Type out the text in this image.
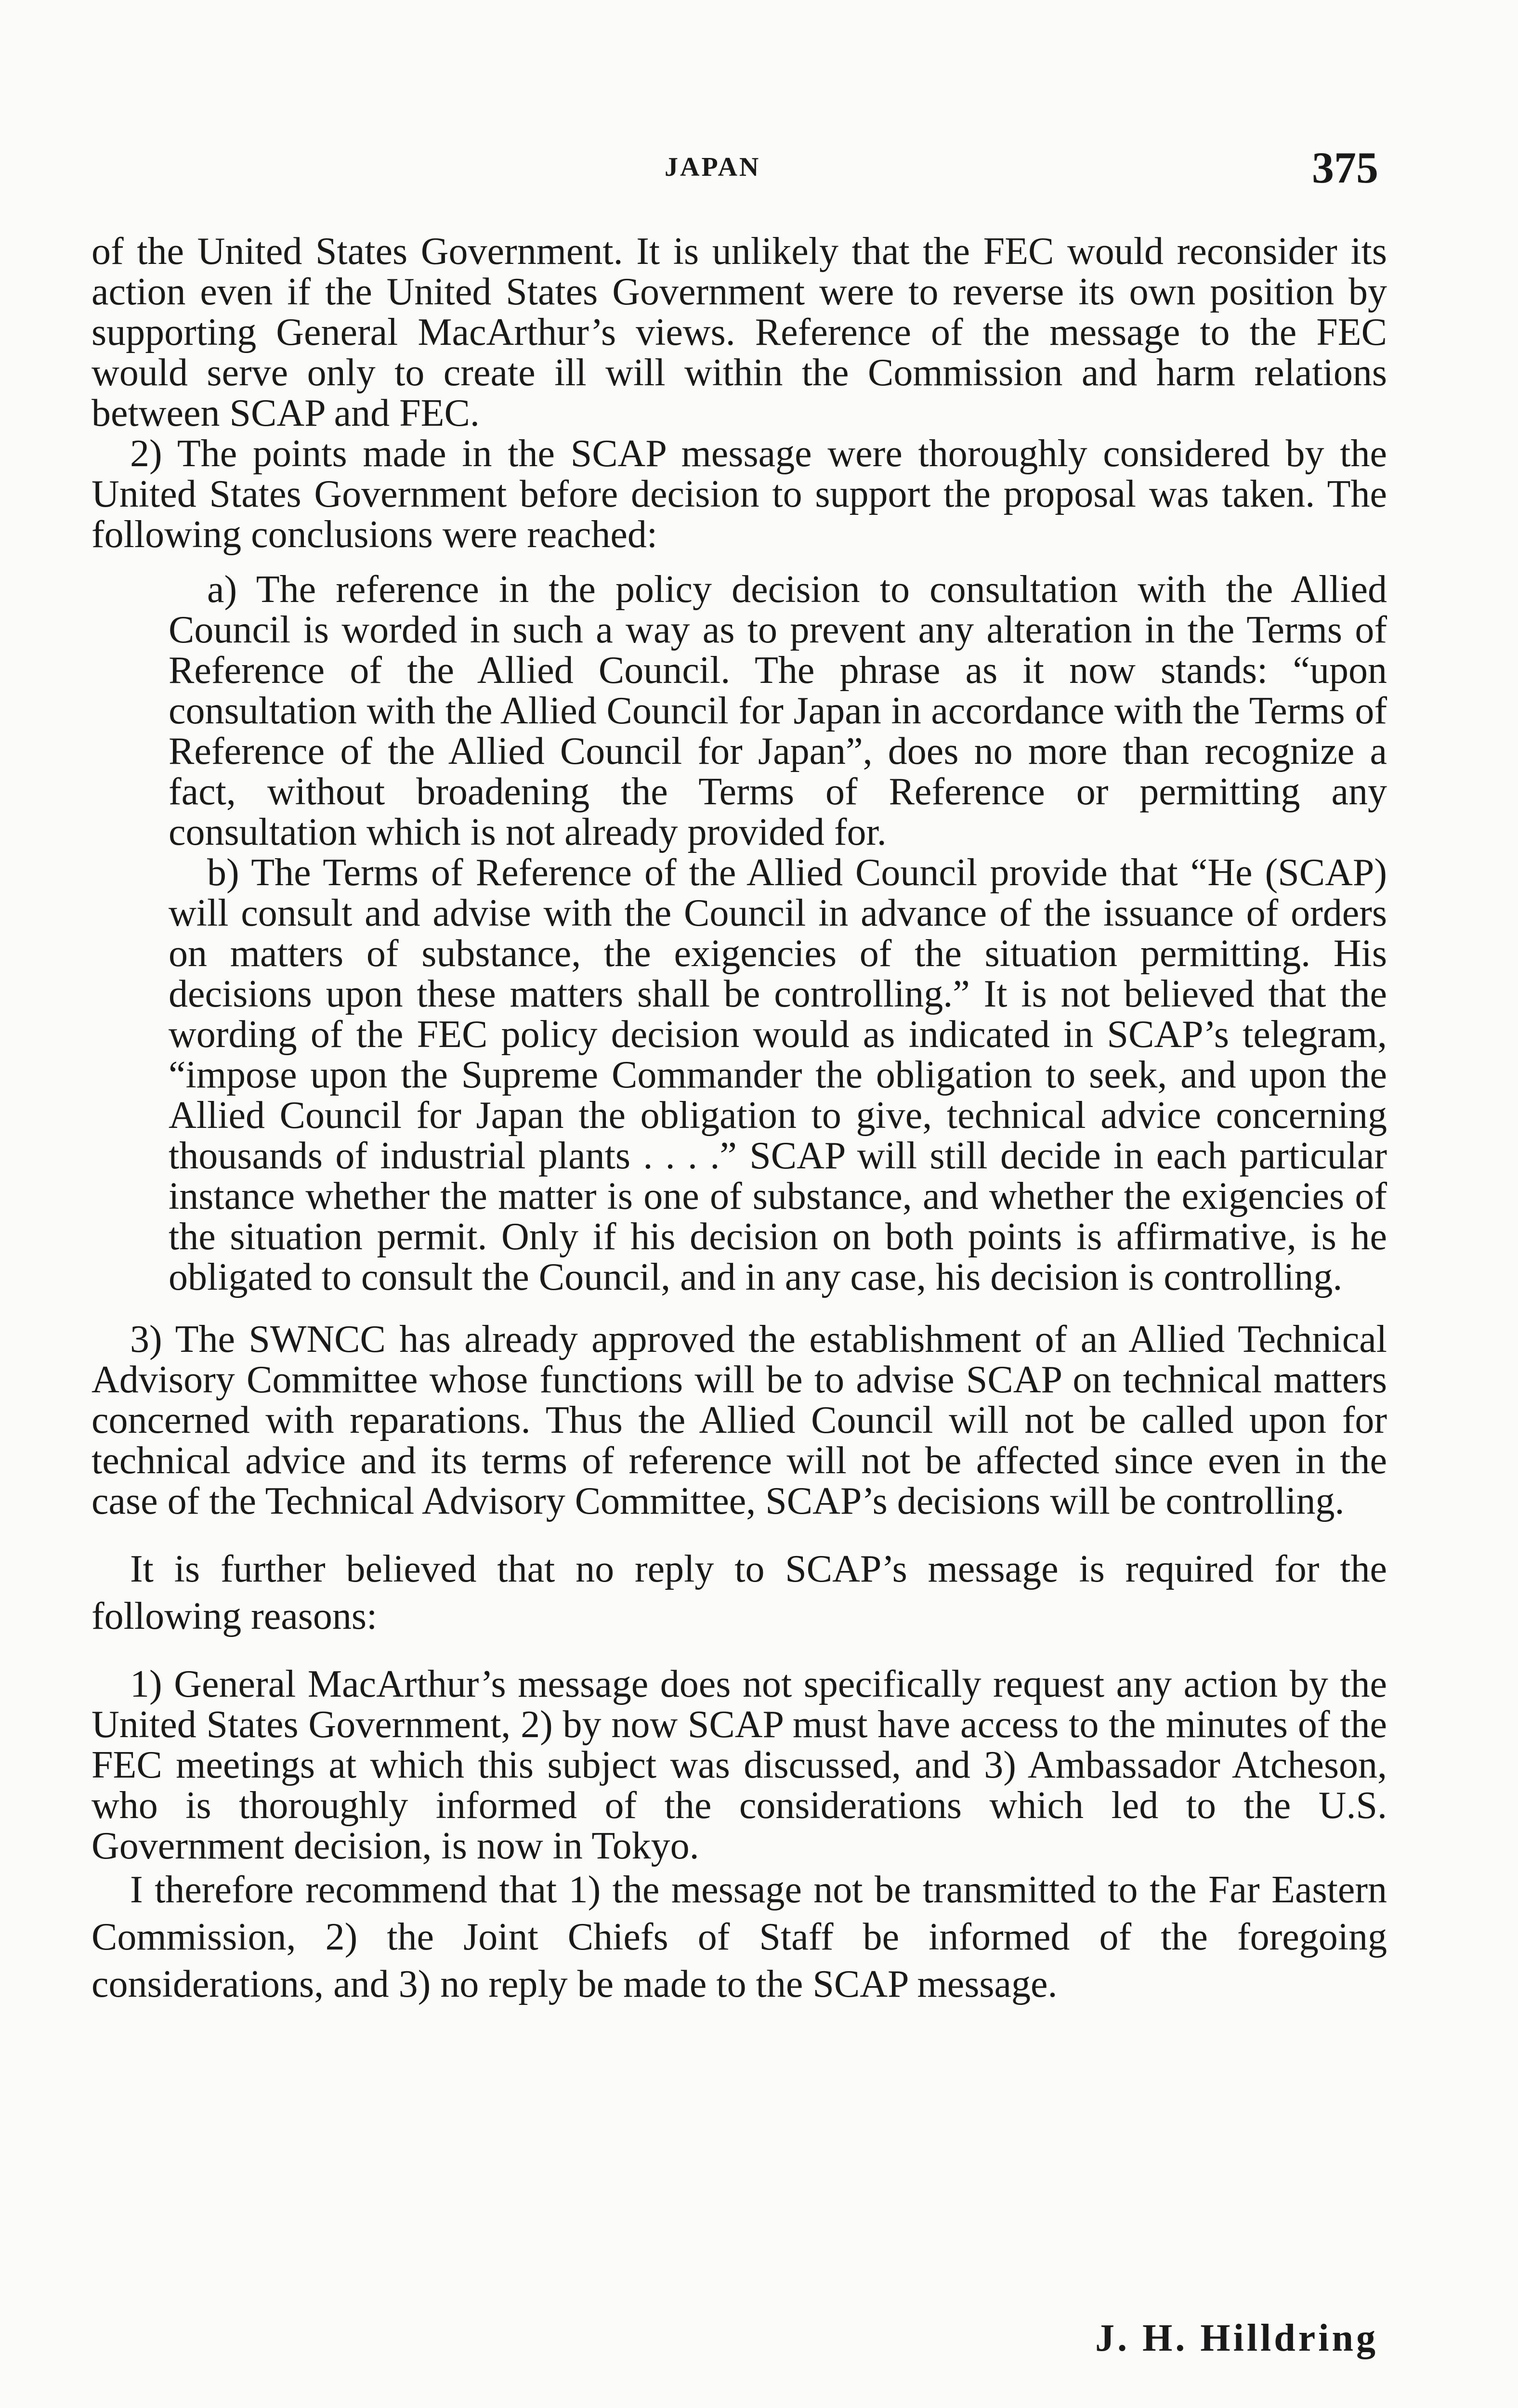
JAPAN	375

of the United States Government. It is unlikely that the FEC would reconsider its action even if the United States Government were to reverse its own position by supporting General MacArthur’s views. Reference of the message to the FEC would serve only to create ill will within the Commission and harm relations between SCAP and FEC.

2) The points made in the SCAP message were thoroughly considered by the United States Government before decision to support the proposal was taken. The following conclusions were reached:

a) The reference in the policy decision to consultation with the Allied Council is worded in such a way as to prevent any alteration in the Terms of Reference of the Allied Council. The phrase as it now stands: “upon consultation with the Allied Council for Japan in accordance with the Terms of Reference of the Allied Council for Japan”, does no more than recognize a fact, without broadening the Terms of Reference or permitting any consultation which is not already provided for.

b) The Terms of Reference of the Allied Council provide that “He (SCAP) will consult and advise with the Council in advance of the issuance of orders on matters of substance, the exigencies of the situation permitting. His decisions upon these matters shall be controlling.” It is not believed that the wording of the FEC policy decision would as indicated in SCAP’s telegram, “impose upon the Supreme Commander the obligation to seek, and upon the Allied Council for Japan the obligation to give, technical advice concerning thousands of industrial plants . . . .” SCAP will still decide in each particular instance whether the matter is one of substance, and whether the exigencies of the situation permit. Only if his decision on both points is affirmative, is he obligated to consult the Council, and in any case, his decision is controlling.

3) The SWNCC has already approved the establishment of an Allied Technical Advisory Committee whose functions will be to advise SCAP on technical matters concerned with reparations. Thus the Allied Council will not be called upon for technical advice and its terms of reference will not be affected since even in the case of the Technical Advisory Committee, SCAP’s decisions will be controlling.

It is further believed that no reply to SCAP’s message is required for the following reasons:

1) General MacArthur’s message does not specifically request any action by the United States Government, 2) by now SCAP must have access to the minutes of the FEC meetings at which this subject was discussed, and 3) Ambassador Atcheson, who is thoroughly informed of the considerations which led to the U.S. Government decision, is now in Tokyo.

I therefore recommend that 1) the message not be transmitted to the Far Eastern Commission, 2) the Joint Chiefs of Staff be informed of the foregoing considerations, and 3) no reply be made to the SCAP message.

J. H. Hilldring
